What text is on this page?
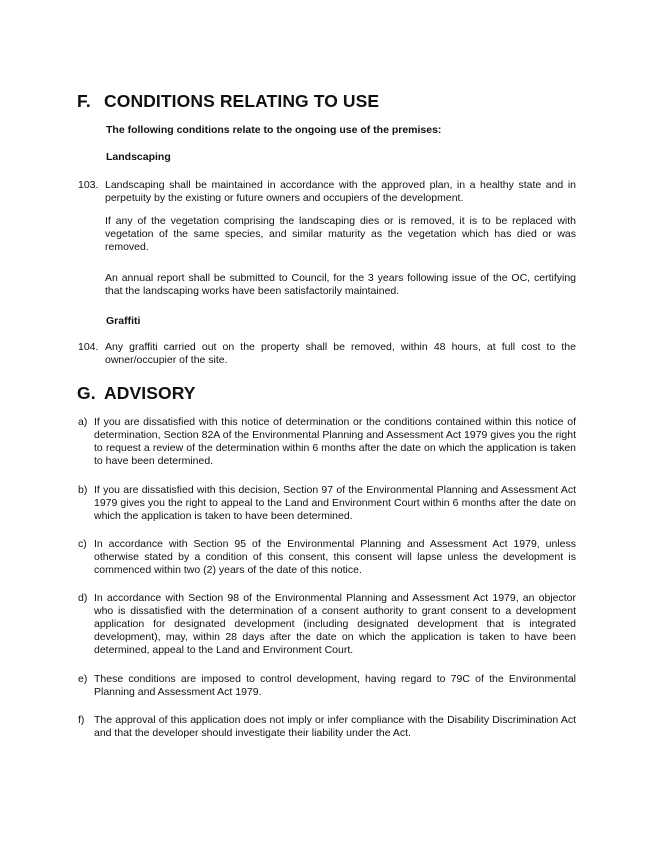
F. CONDITIONS RELATING TO USE
The following conditions relate to the ongoing use of the premises:
Landscaping
103. Landscaping shall be maintained in accordance with the approved plan, in a healthy state and in perpetuity by the existing or future owners and occupiers of the development.
If any of the vegetation comprising the landscaping dies or is removed, it is to be replaced with vegetation of the same species, and similar maturity as the vegetation which has died or was removed.
An annual report shall be submitted to Council, for the 3 years following issue of the OC, certifying that the landscaping works have been satisfactorily maintained.
Graffiti
104. Any graffiti carried out on the property shall be removed, within 48 hours, at full cost to the owner/occupier of the site.
G. ADVISORY
a) If you are dissatisfied with this notice of determination or the conditions contained within this notice of determination, Section 82A of the Environmental Planning and Assessment Act 1979 gives you the right to request a review of the determination within 6 months after the date on which the application is taken to have been determined.
b) If you are dissatisfied with this decision, Section 97 of the Environmental Planning and Assessment Act 1979 gives you the right to appeal to the Land and Environment Court within 6 months after the date on which the application is taken to have been determined.
c) In accordance with Section 95 of the Environmental Planning and Assessment Act 1979, unless otherwise stated by a condition of this consent, this consent will lapse unless the development is commenced within two (2) years of the date of this notice.
d) In accordance with Section 98 of the Environmental Planning and Assessment Act 1979, an objector who is dissatisfied with the determination of a consent authority to grant consent to a development application for designated development (including designated development that is integrated development), may, within 28 days after the date on which the application is taken to have been determined, appeal to the Land and Environment Court.
e) These conditions are imposed to control development, having regard to 79C of the Environmental Planning and Assessment Act 1979.
f) The approval of this application does not imply or infer compliance with the Disability Discrimination Act and that the developer should investigate their liability under the Act.
